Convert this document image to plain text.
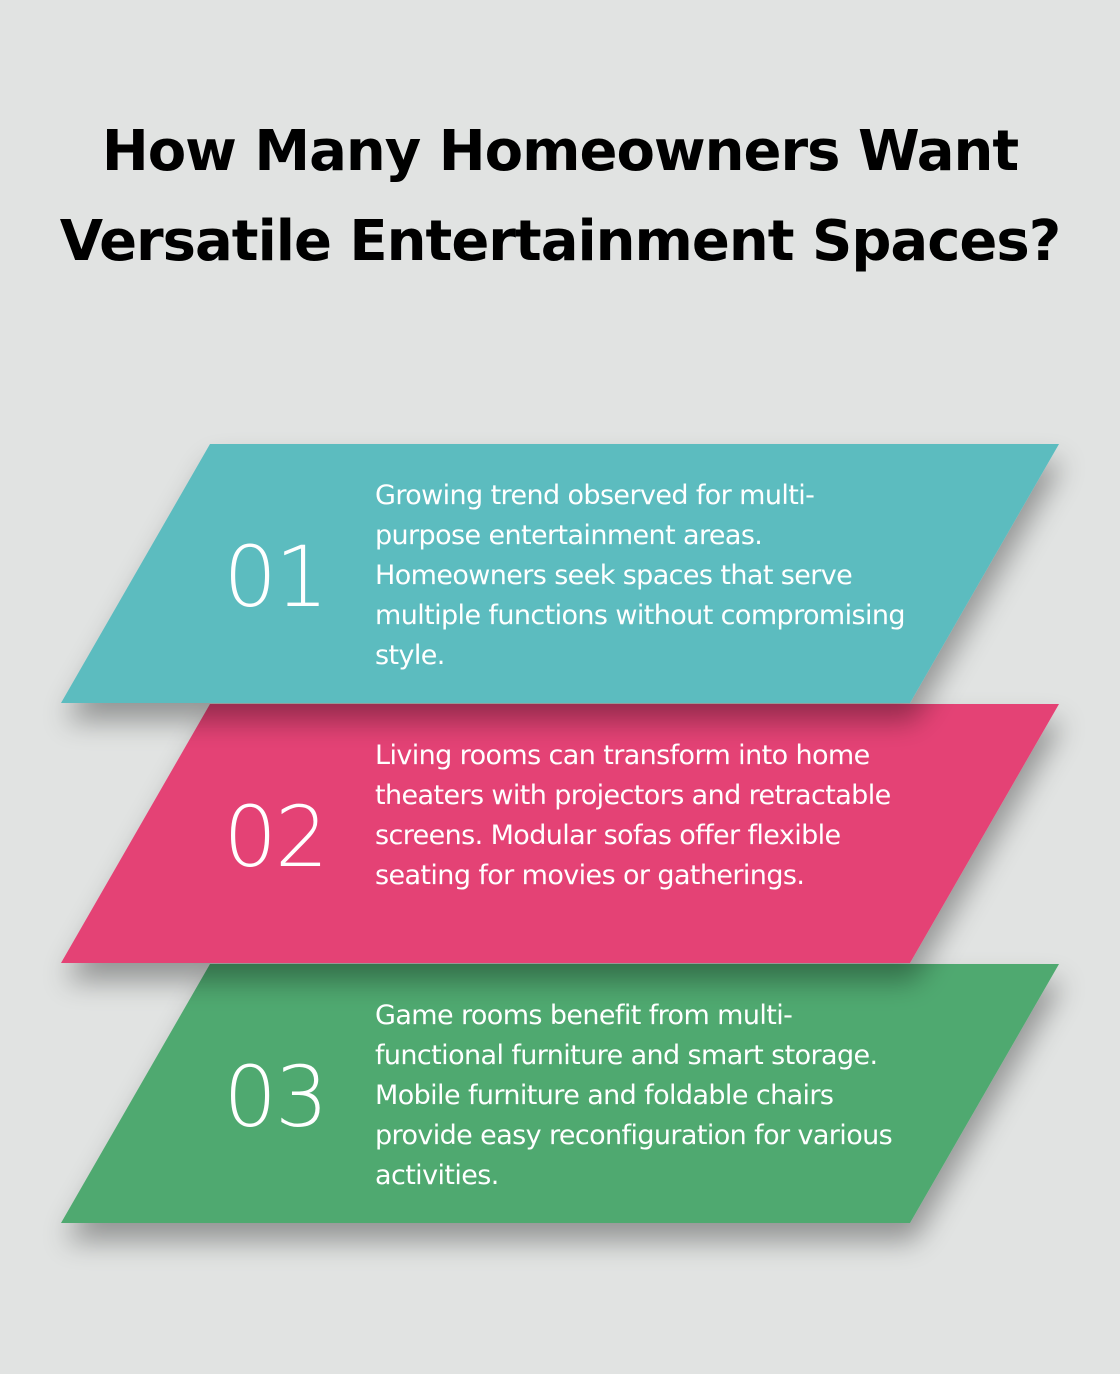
How Many Homeowners Want Versatile Entertainment Spaces?
01
Growing trend observed for multi-purpose entertainment areas. Homeowners seek spaces that serve multiple functions without compromising style.
02
Living rooms can transform into home theaters with projectors and retractable screens. Modular sofas offer flexible seating for movies or gatherings.
03
Game rooms benefit from multi-functional furniture and smart storage. Mobile furniture and foldable chairs provide easy reconfiguration for various activities.
